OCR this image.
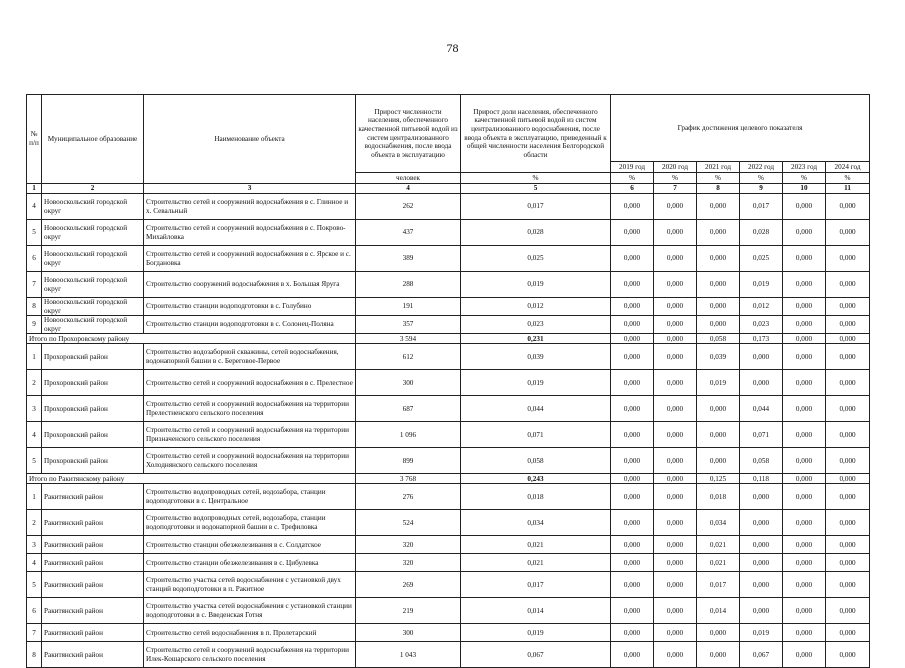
78
№ п/п	Муниципальное образование	Наименование объекта	Прирост численности населения, обеспеченного качественной питьевой водой из систем централизованного водоснабжения, после ввода объекта в эксплуатацию	Прирост доли населения, обеспеченного качественной питьевой водой из систем централизованного водоснабжения, после ввода объекта в эксплуатацию, приведенный к общей численности населения Белгородской области	График достижения целевого показателя					
					2019 год	2020 год	2021 год	2022 год	2023 год	2024 год
			человек	%	%	%	%	%	%	%
1	2	3	4	5	6	7	8	9	10	11
4	Новооскольский городской округ	Строительство сетей и сооружений водоснабжения в с. Глинное и х. Севальный	262	0,017	0,000	0,000	0,000	0,017	0,000	0,000
5	Новооскольский городской округ	Строительство сетей и сооружений водоснабжения в с. Покрово-Михайловка	437	0,028	0,000	0,000	0,000	0,028	0,000	0,000
6	Новооскольский городской округ	Строительство сетей и сооружений водоснабжения в с. Ярское и с. Богдановка	389	0,025	0,000	0,000	0,000	0,025	0,000	0,000
7	Новооскольский городской округ	Строительство сооружений водоснабжения в х. Большая Яруга	288	0,019	0,000	0,000	0,000	0,019	0,000	0,000
8	Новооскольский городской округ	Строительство станции водоподготовки в с. Голубино	191	0,012	0,000	0,000	0,000	0,012	0,000	0,000
9	Новооскольский городской округ	Строительство станции водоподготовки в с. Солонец-Поляна	357	0,023	0,000	0,000	0,000	0,023	0,000	0,000
Итого по Прохоровскому району			3 594	0,231	0,000	0,000	0,058	0,173	0,000	0,000
1	Прохоровский район	Строительство водозаборной скважины, сетей водоснабжения, водонапорной башни в с. Береговое-Первое	612	0,039	0,000	0,000	0,039	0,000	0,000	0,000
2	Прохоровский район	Строительство сетей и сооружений водоснабжения в с. Прелестное	300	0,019	0,000	0,000	0,019	0,000	0,000	0,000
3	Прохоровский район	Строительство сетей и сооружений водоснабжения на территории Прелестненского сельского поселения	687	0,044	0,000	0,000	0,000	0,044	0,000	0,000
4	Прохоровский район	Строительство сетей и сооружений водоснабжения на территории Призначенского сельского поселения	1 096	0,071	0,000	0,000	0,000	0,071	0,000	0,000
5	Прохоровский район	Строительство сетей и сооружений водоснабжения на территории Холоднянского сельского поселения	899	0,058	0,000	0,000	0,000	0,058	0,000	0,000
Итого по Ракитянскому району			3 768	0,243	0,000	0,000	0,125	0,118	0,000	0,000
1	Ракитянский район	Строительство водопроводных сетей, водозабора, станции водоподготовки в с. Центральное	276	0,018	0,000	0,000	0,018	0,000	0,000	0,000
2	Ракитянский район	Строительство водопроводных сетей, водозабора, станции водоподготовки и водонапорной башни в с. Трефиловка	524	0,034	0,000	0,000	0,034	0,000	0,000	0,000
3	Ракитянский район	Строительство станции обезжелезивания в с. Солдатское	320	0,021	0,000	0,000	0,021	0,000	0,000	0,000
4	Ракитянский район	Строительство станции обезжелезивания в с. Цибулевка	320	0,021	0,000	0,000	0,021	0,000	0,000	0,000
5	Ракитянский район	Строительство участка сетей водоснабжения с установкой двух станций водоподготовки в п. Ракитное	269	0,017	0,000	0,000	0,017	0,000	0,000	0,000
6	Ракитянский район	Строительство участка сетей водоснабжения с установкой станции водоподготовки в с. Введенская Готня	219	0,014	0,000	0,000	0,014	0,000	0,000	0,000
7	Ракитянский район	Строительство сетей водоснабжения в п. Пролетарский	300	0,019	0,000	0,000	0,000	0,019	0,000	0,000
8	Ракитянский район	Строительство сетей и сооружений водоснабжения на территории Илек-Кошарского сельского поселения	1 043	0,067	0,000	0,000	0,000	0,067	0,000	0,000
